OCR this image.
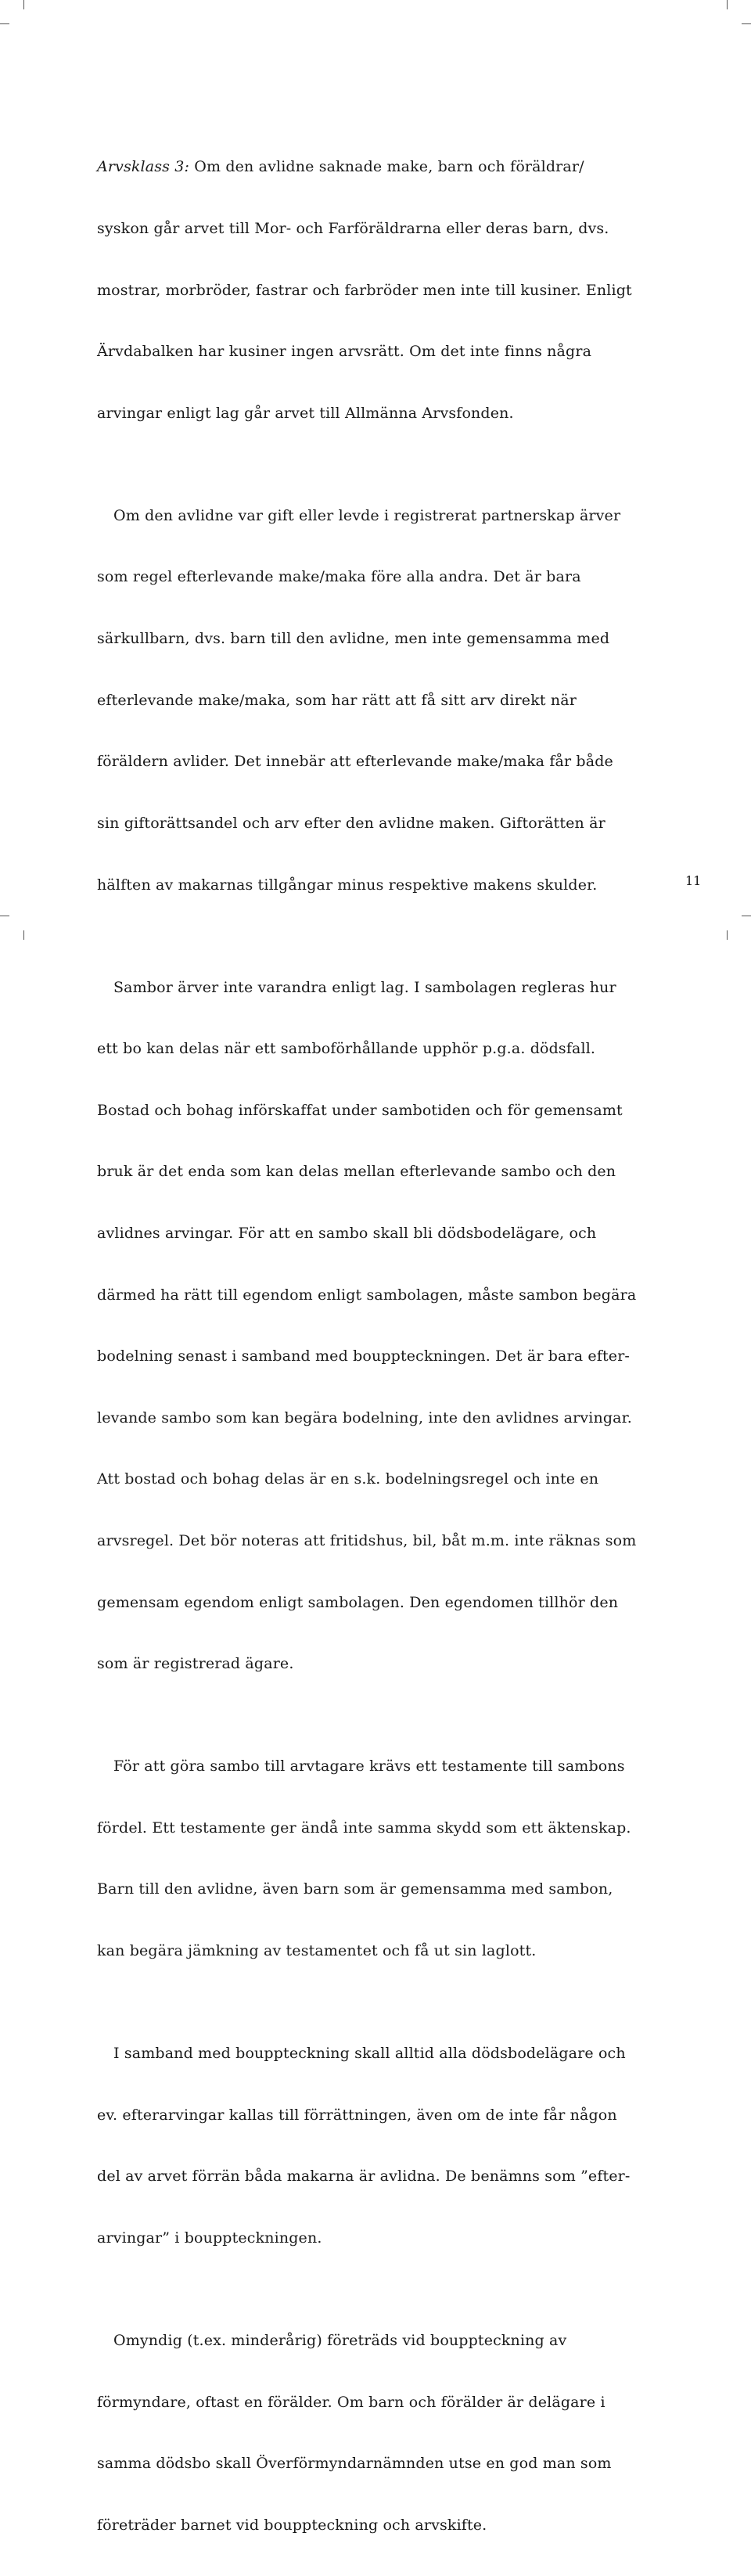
Arvsklass 3: Om den avlidne saknade make, barn och föräldrar/

syskon går arvet till Mor- och Farföräldrarna eller deras barn, dvs.

mostrar, morbröder, fastrar och farbröder men inte till kusiner. Enligt

Ärvdabalken har kusiner ingen arvsrätt. Om det inte finns några

arvingar enligt lag går arvet till Allmänna Arvsfonden.

Om den avlidne var gift eller levde i registrerat partnerskap ärver

som regel efterlevande make/maka före alla andra. Det är bara

särkullbarn, dvs. barn till den avlidne, men inte gemensamma med

efterlevande make/maka, som har rätt att få sitt arv direkt när

föräldern avlider. Det innebär att efterlevande make/maka får både

sin giftorättsandel och arv efter den avlidne maken. Giftorätten är

hälften av makarnas tillgångar minus respektive makens skulder.

Sambor ärver inte varandra enligt lag. I sambolagen regleras hur

ett bo kan delas när ett samboförhållande upphör p.g.a. dödsfall.

Bostad och bohag införskaffat under sambotiden och för gemensamt

bruk är det enda som kan delas mellan efterlevande sambo och den

avlidnes arvingar. För att en sambo skall bli dödsbodelägare, och

därmed ha rätt till egendom enligt sambolagen, måste sambon begära

bodelning senast i samband med bouppteckningen. Det är bara efter-

levande sambo som kan begära bodelning, inte den avlidnes arvingar.

Att bostad och bohag delas är en s.k. bodelningsregel och inte en

arvsregel. Det bör noteras att fritidshus, bil, båt m.m. inte räknas som

gemensam egendom enligt sambolagen. Den egendomen tillhör den

som är registrerad ägare.

För att göra sambo till arvtagare krävs ett testamente till sambons

fördel. Ett testamente ger ändå inte samma skydd som ett äktenskap.

Barn till den avlidne, även barn som är gemensamma med sambon,

kan begära jämkning av testamentet och få ut sin laglott.

I samband med bouppteckning skall alltid alla dödsbodelägare och

ev. efterarvingar kallas till förrättningen, även om de inte får någon

del av arvet förrän båda makarna är avlidna. De benämns som ”efter-

arvingar” i bouppteckningen.

Omyndig (t.ex. minderårig) företräds vid bouppteckning av

förmyndare, oftast en förälder. Om barn och förälder är delägare i

samma dödsbo skall Överförmyndarnämnden utse en god man som

företräder barnet vid bouppteckning och arvskifte.

11
